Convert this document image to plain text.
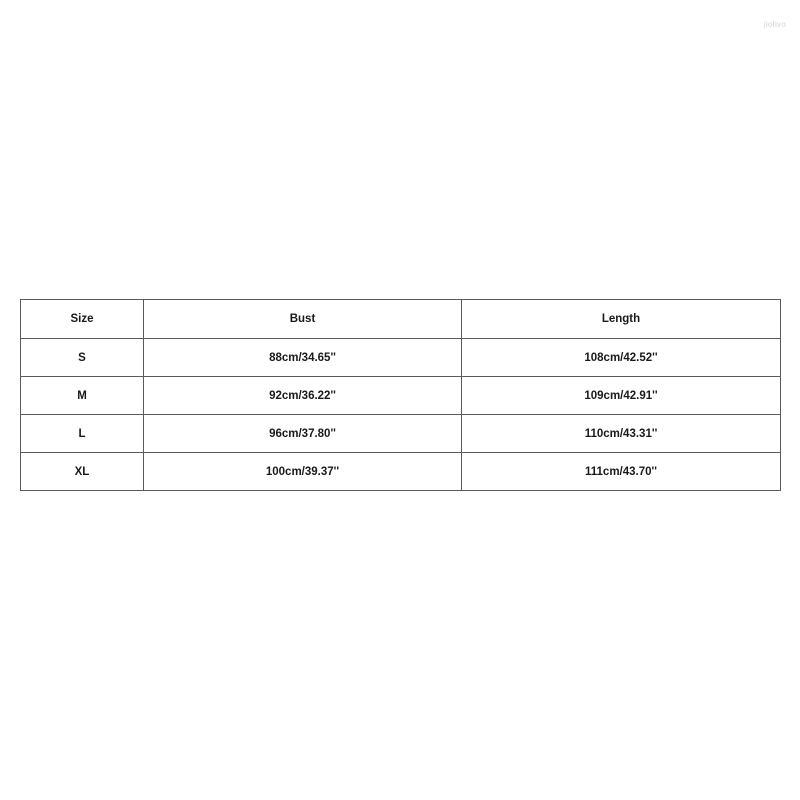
jiohvo
Size	Bust	Length
S	88cm/34.65''	108cm/42.52''
M	92cm/36.22''	109cm/42.91''
L	96cm/37.80''	110cm/43.31''
XL	100cm/39.37''	111cm/43.70''
